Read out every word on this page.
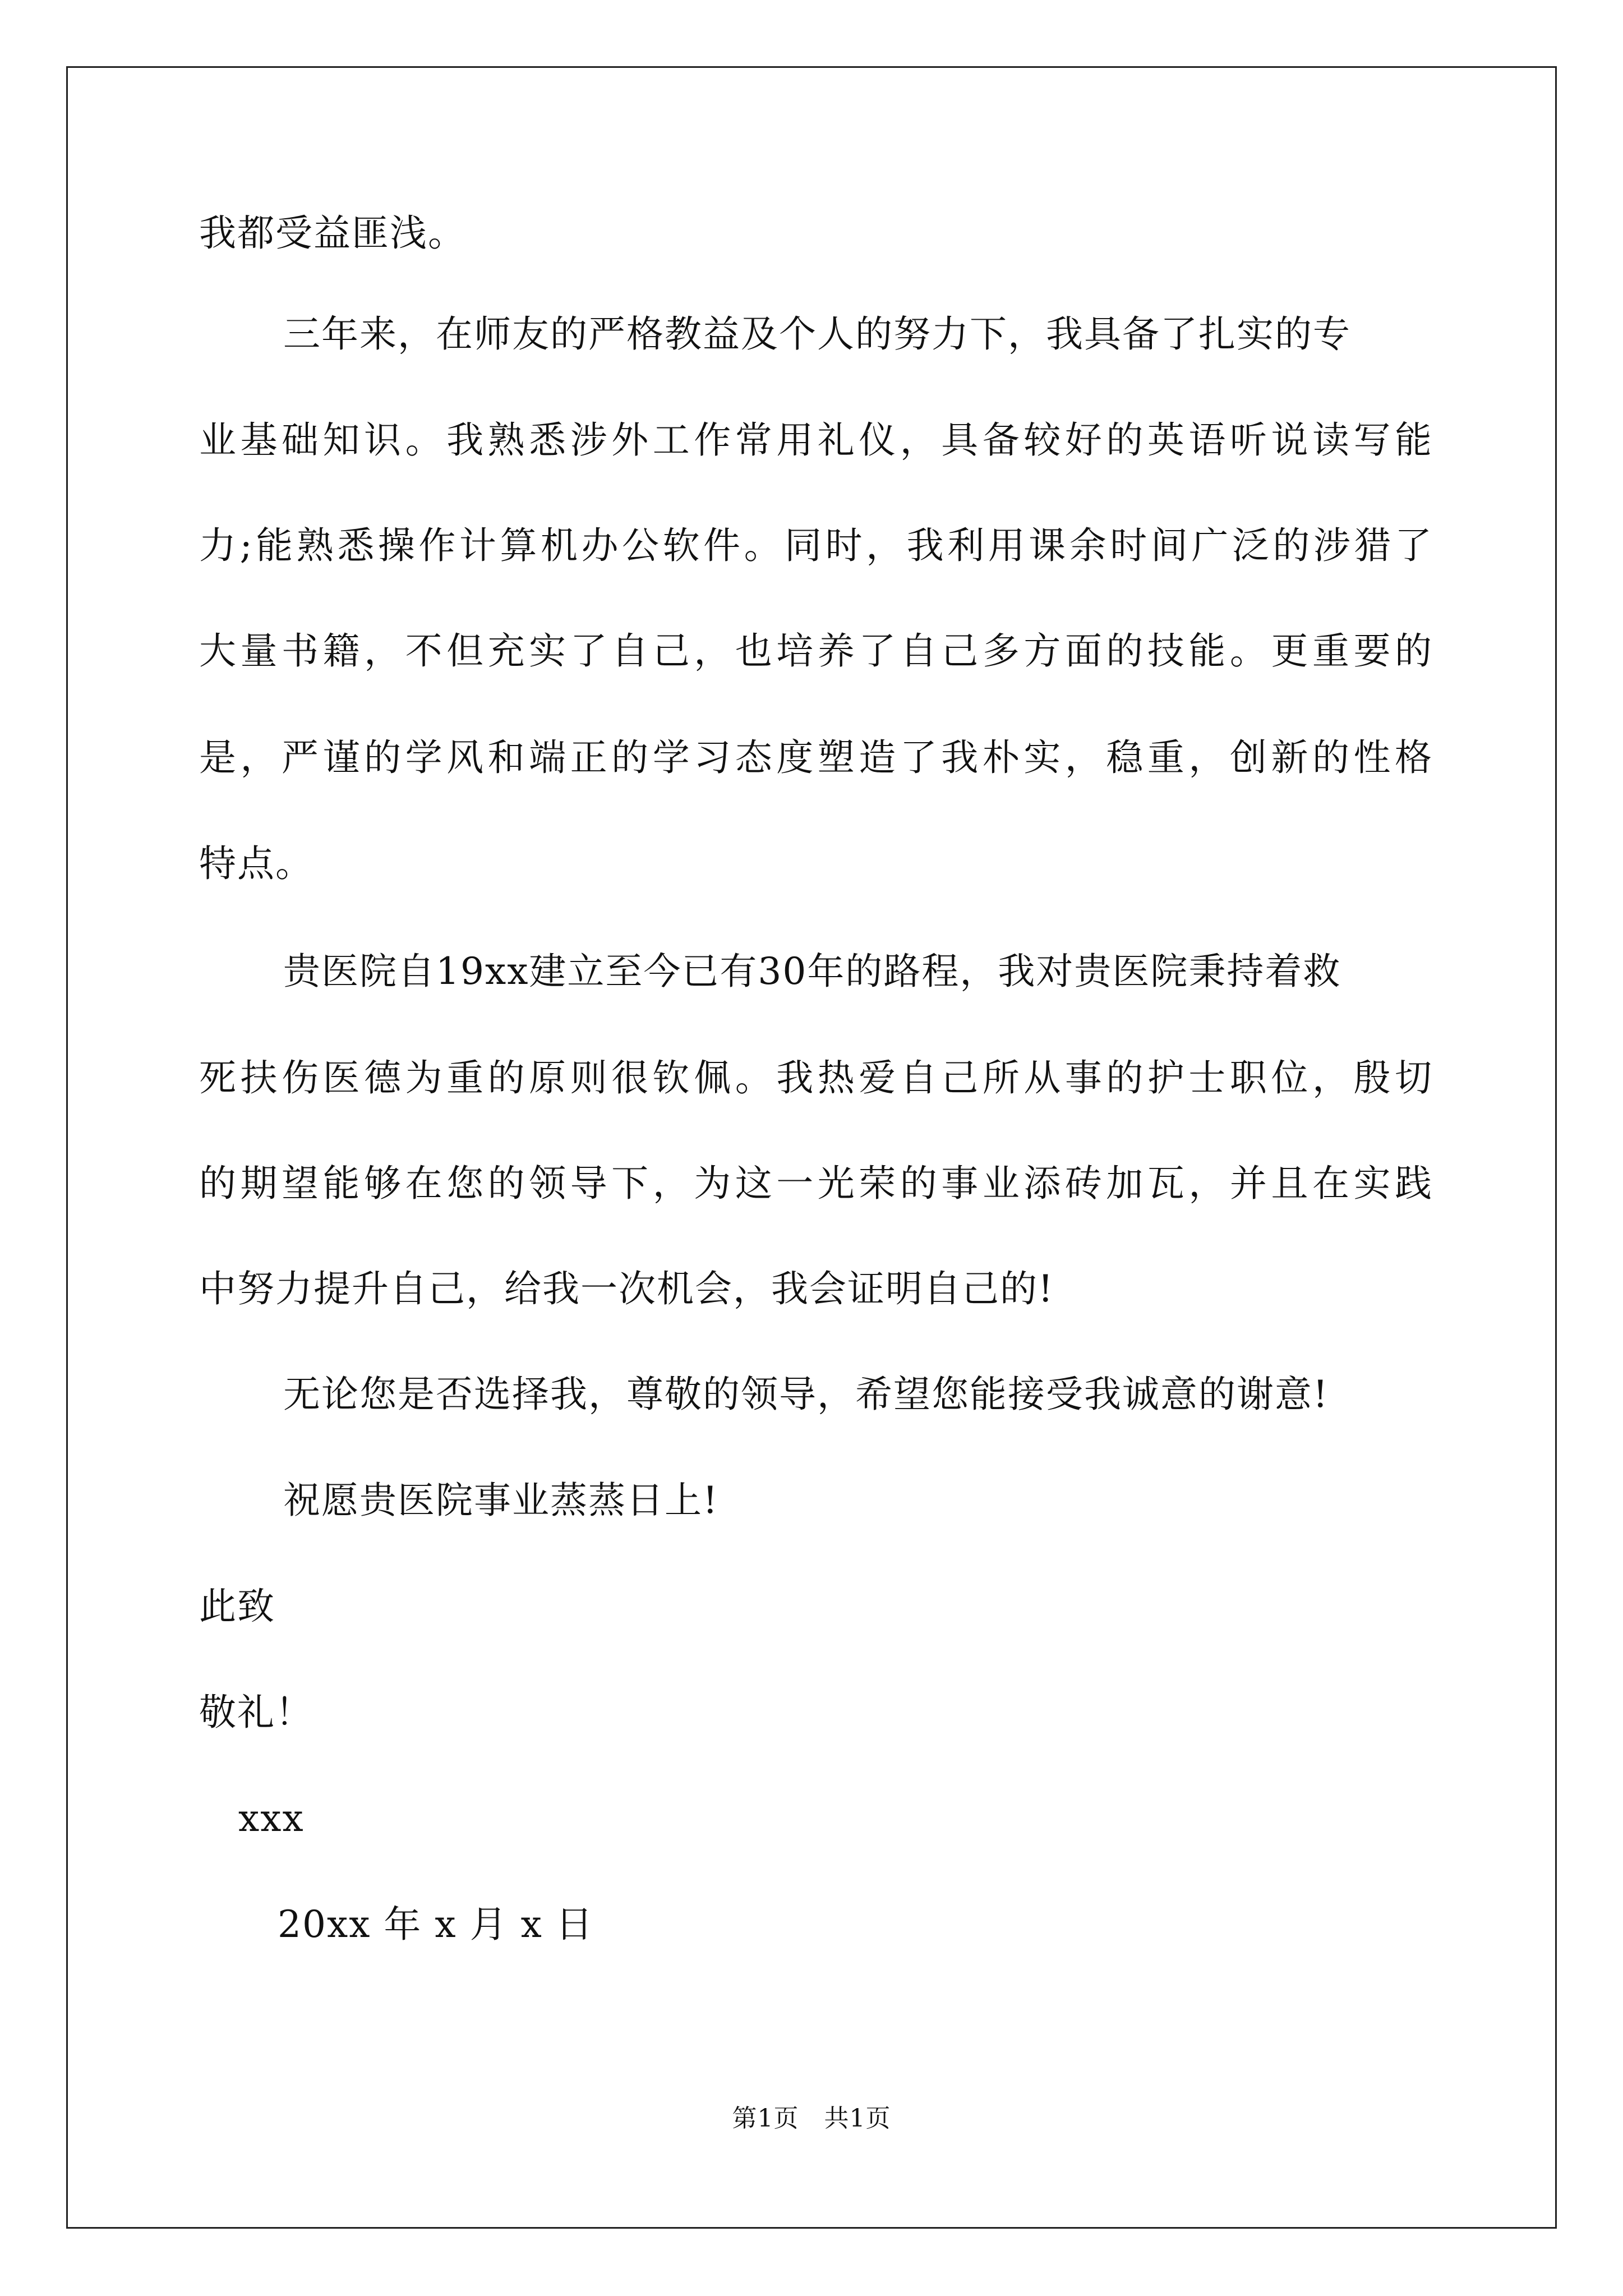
我都受益匪浅。
三年来，在师友的严格教益及个人的努力下，我具备了扎实的专
业基础知识。我熟悉涉外工作常用礼仪，具备较好的英语听说读写能
力;能熟悉操作计算机办公软件。同时，我利用课余时间广泛的涉猎了
大量书籍，不但充实了自己，也培养了自己多方面的技能。更重要的
是，严谨的学风和端正的学习态度塑造了我朴实，稳重，创新的性格
特点。
贵医院自19xx建立至今已有30年的路程，我对贵医院秉持着救
死扶伤医德为重的原则很钦佩。我热爱自己所从事的护士职位，殷切
的期望能够在您的领导下，为这一光荣的事业添砖加瓦，并且在实践
中努力提升自己，给我一次机会，我会证明自己的!
无论您是否选择我，尊敬的领导，希望您能接受我诚意的谢意!
祝愿贵医院事业蒸蒸日上!
此致
敬礼！
xxx
20xx 年 x 月 x 日
第1页　共1页
